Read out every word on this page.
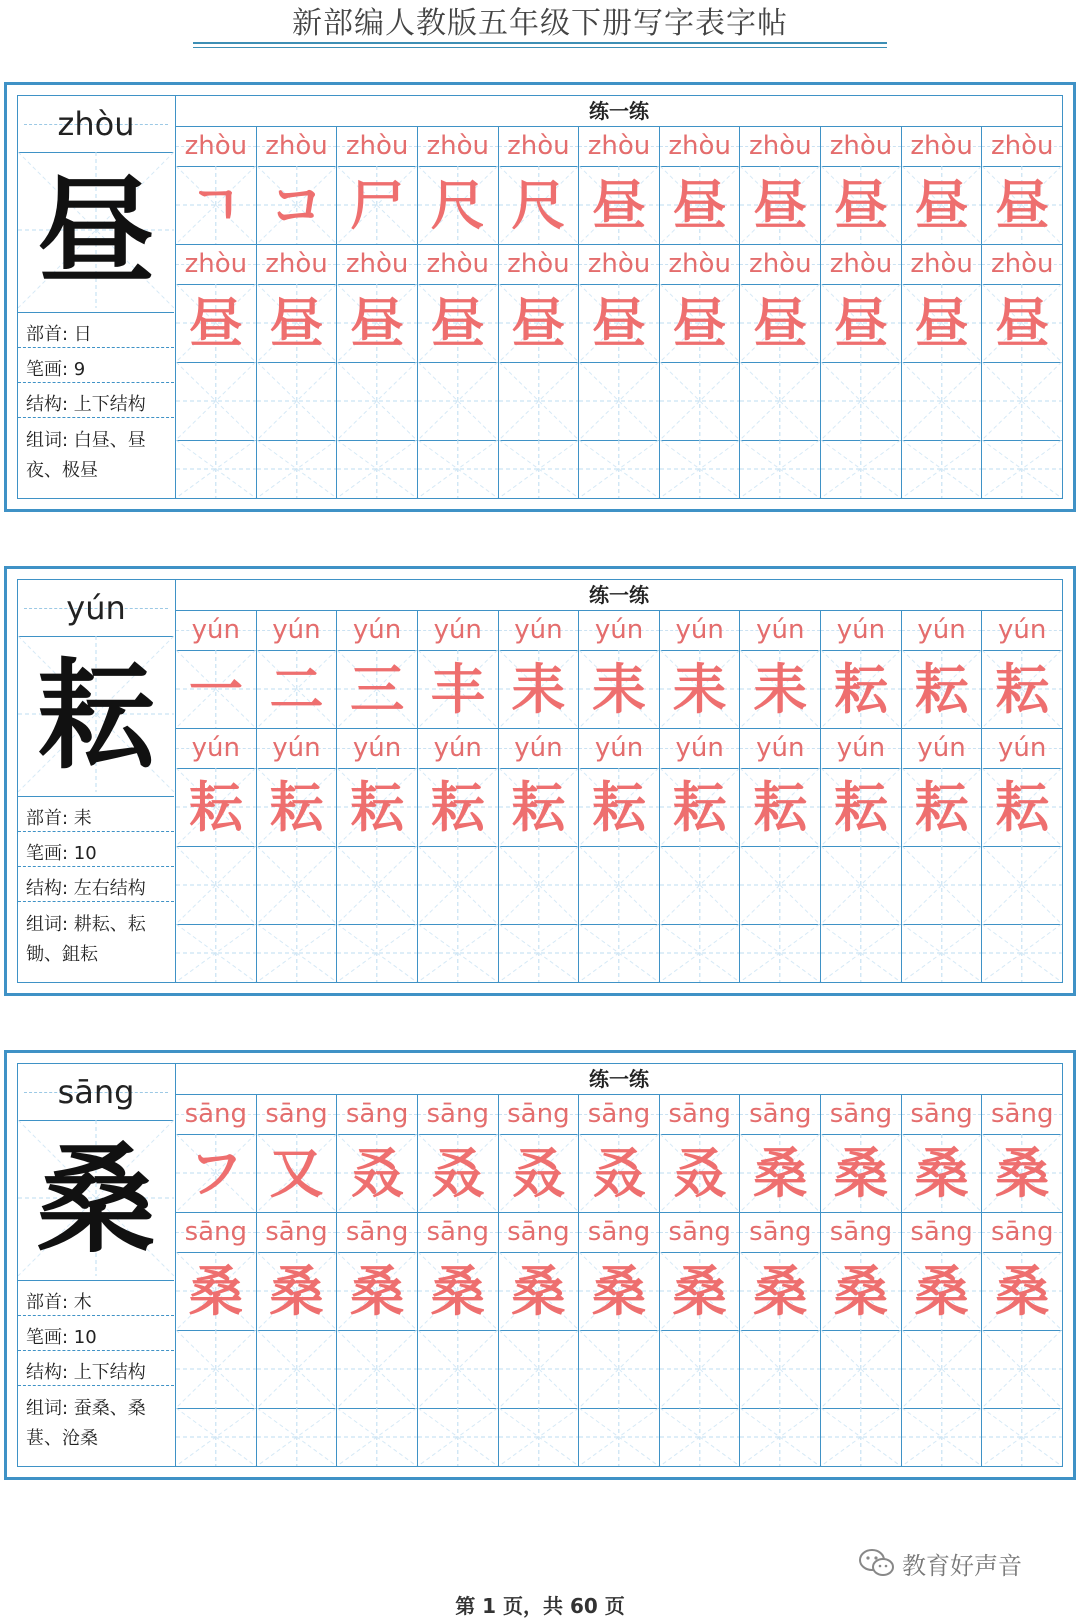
新部编人教版五年级下册写字表字帖
zhòu
昼
部首: 日
笔画: 9
结构: 上下结构
组词: 白昼、昼
夜、极昼
练一练
zhòu zhòu zhòu zhòu zhòu zhòu zhòu zhòu zhòu zhòu zhòu
ㄱ コ 尸 尺 尺 昼 昼 昼 昼 昼 昼
zhòu zhòu zhòu zhòu zhòu zhòu zhòu zhòu zhòu zhòu zhòu
昼 昼 昼 昼 昼 昼 昼 昼 昼 昼 昼
yún
耘
部首: 耒
笔画: 10
结构: 左右结构
组词: 耕耘、耘
锄、鉏耘
练一练
yún	yún	yún	yún	yún	yún	yún	yún	yún	yún	yún
一 二 三 丰 耒 耒 耒 耒 耘 耘 耘
yún	yún	yún	yún	yún	yún	yún	yún	yún	yún	yún
耘 耘 耘 耘 耘 耘 耘 耘 耘 耘 耘
sāng
桑
部首: 木
笔画: 10
结构: 上下结构
组词: 蚕桑、桑
葚、沧桑
练一练
sāng sāng sāng sāng sāng sāng sāng sāng sāng sāng sāng
フ 又 叒 叒 叒 叒 叒 桑 桑 桑 桑
sāng sāng sāng sāng sāng sāng sāng sāng sāng sāng sāng
桑 桑 桑 桑 桑 桑 桑 桑 桑 桑 桑
教育好声音
第 1 页，共 60 页
